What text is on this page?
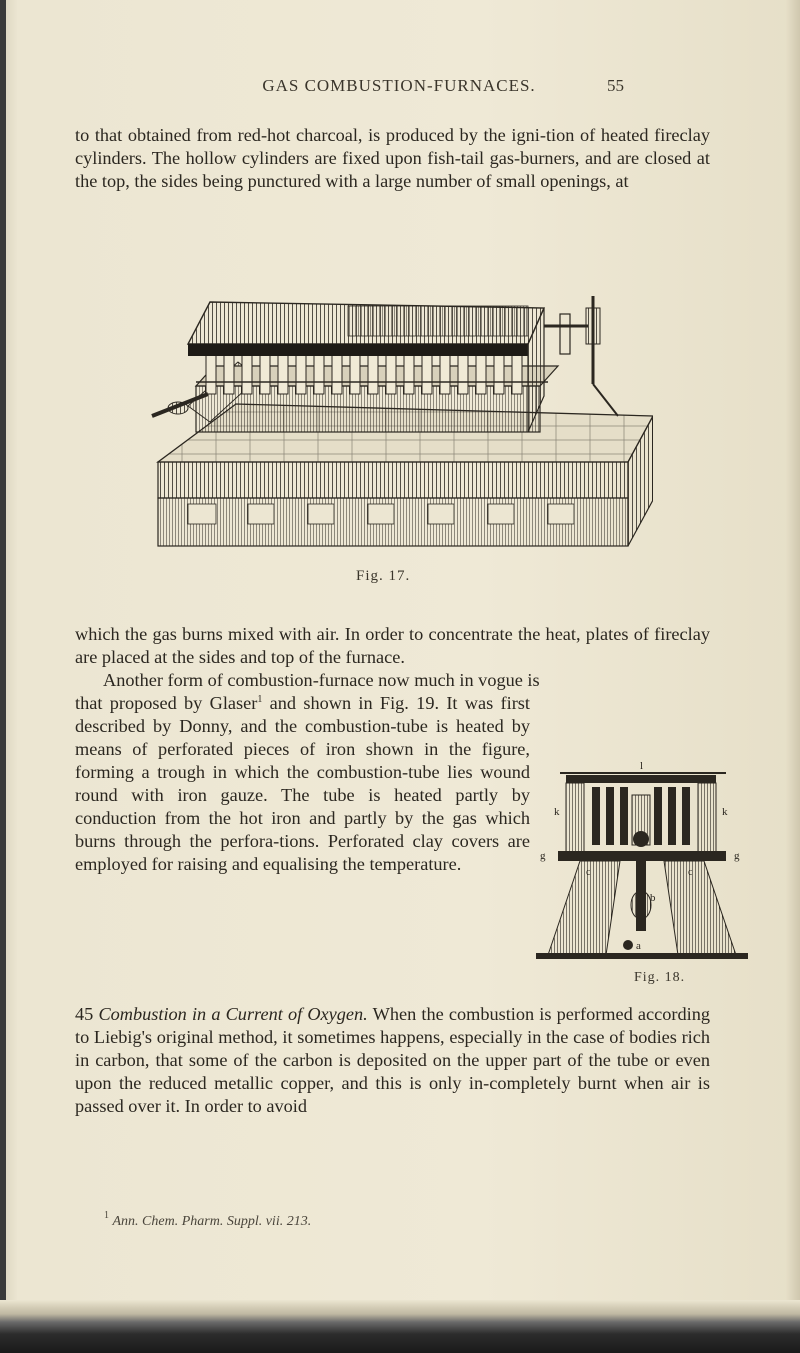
GAS COMBUSTION-FURNACES.	55

to that obtained from red-hot charcoal, is produced by the igni-tion of heated fireclay cylinders. The hollow cylinders are fixed upon fish-tail gas-burners, and are closed at the top, the sides being punctured with a large number of small openings, at

Fig. 17.

which the gas burns mixed with air. In order to concentrate the heat, plates of fireclay are placed at the sides and top of the furnace.

Another form of combustion-furnace now much in vogue is

that proposed by Glaser$^1$ and shown in Fig. 19. It was first described by Donny, and the combustion-tube is heated by means of perforated pieces of iron shown in the figure, forming a trough in which the combustion-tube lies wound round with iron gauze. The tube is heated partly by conduction from the hot iron and partly by the gas which burns through the perfora-tions. Perforated clay covers are employed for raising and equalising the temperature.

l
k	k
g	g
c	c
b
a
Fig. 18.

45 Combustion in a Current of Oxygen. When the combustion is performed according to Liebig's original method, it sometimes happens, especially in the case of bodies rich in carbon, that some of the carbon is deposited on the upper part of the tube or even upon the reduced metallic copper, and this is only in-completely burnt when air is passed over it. In order to avoid

$^1$ Ann. Chem. Pharm. Suppl. vii. 213.
